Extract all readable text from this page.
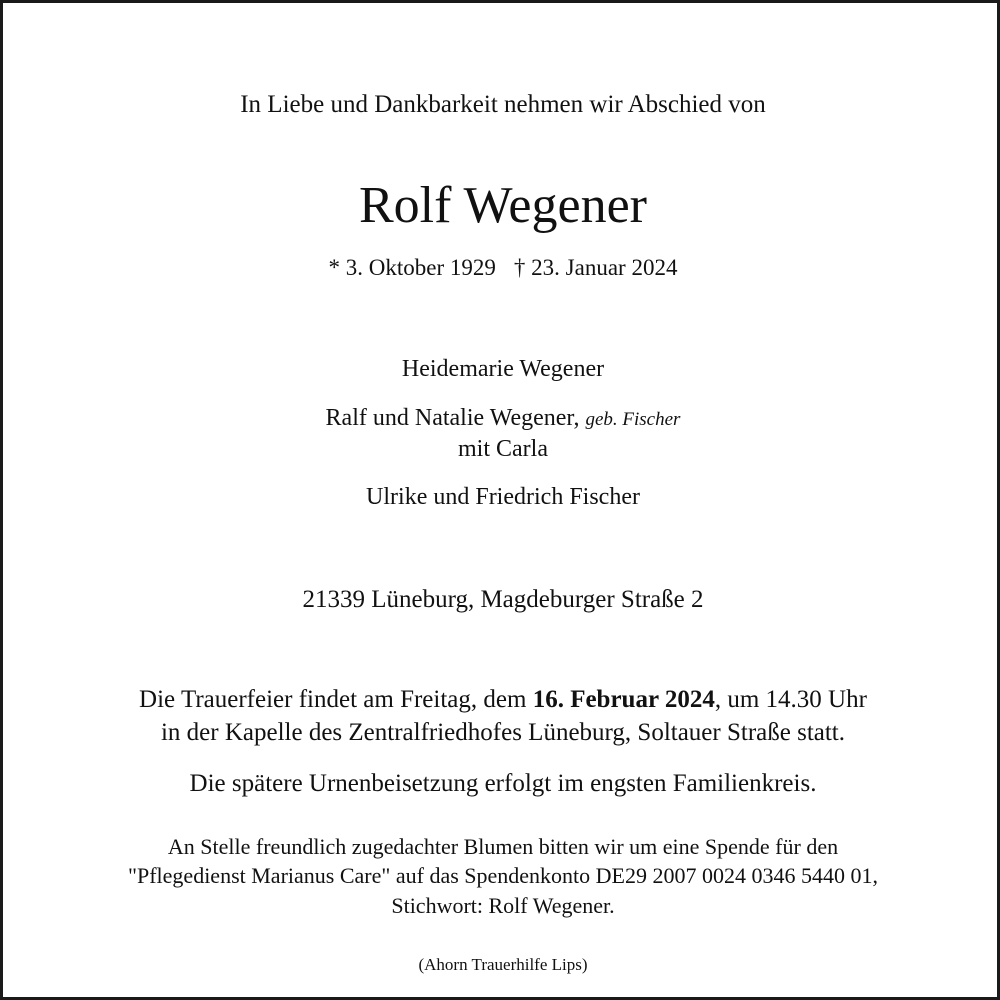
In Liebe und Dankbarkeit nehmen wir Abschied von
Rolf Wegener
* 3. Oktober 1929 † 23. Januar 2024
Heidemarie Wegener
Ralf und Natalie Wegener, geb. Fischer
mit Carla
Ulrike und Friedrich Fischer
21339 Lüneburg, Magdeburger Straße 2
Die Trauerfeier findet am Freitag, dem 16. Februar 2024, um 14.30 Uhr
in der Kapelle des Zentralfriedhofes Lüneburg, Soltauer Straße statt.
Die spätere Urnenbeisetzung erfolgt im engsten Familienkreis.
An Stelle freundlich zugedachter Blumen bitten wir um eine Spende für den
"Pflegedienst Marianus Care" auf das Spendenkonto DE29 2007 0024 0346 5440 01,
Stichwort: Rolf Wegener.
(Ahorn Trauerhilfe Lips)
